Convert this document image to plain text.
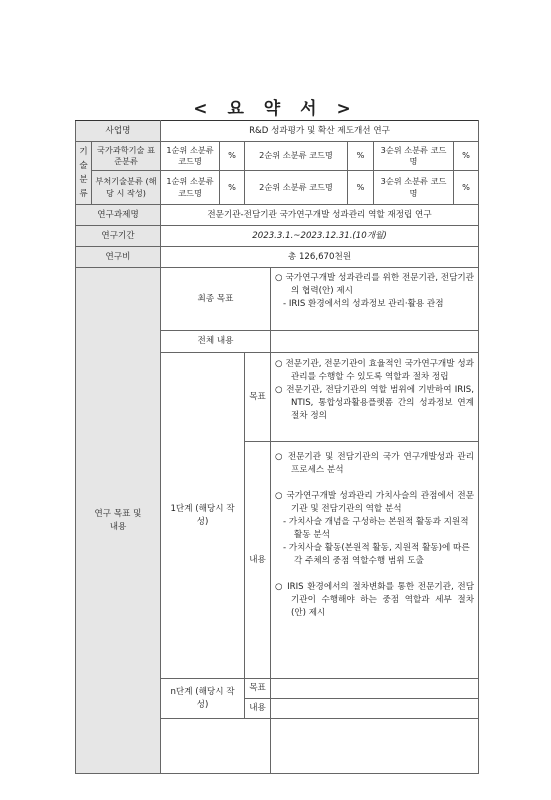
< 요 약 서 >
사업명		R&D 성과평가 및 확산 제도개선 연구						
기술분류	국가과학기술 표준분류	1순위 소분류 코드명	%	2순위 소분류 코드명		%	3순위 소분류 코드명	%
	부처기술분류 (해당 시 작성)	1순위 소분류 코드명	%	2순위 소분류 코드명		%	3순위 소분류 코드명	%
연구과제명		전문기관-전담기관 국가연구개발 성과관리 역할 재정립 연구						
연구기간		2023.3.1.~2023.12.31.(10개월)						
연구비		총 126,670천원						
연구 목표 및 내용		최종 목표			○ 국가연구개발 성과관리를 위한 전문기관, 전담기관의 협력(안) 제시

- IRIS 환경에서의 성과정보 관리·활용 관점			

		전체 내용						
		1단계 (해당시 작성)		목표	○ 전문기관, 전문기관이 효율적인 국가연구개발 성과관리를 수행할 수 있도록 역할과 절차 정립

○ 전문기관, 전담기관의 역할 범위에 기반하여 IRIS, NTIS, 통합성과활용플랫폼 간의 성과정보 연계 절차 정의			

				내용	○ 전문기관 및 전담기관의 국가 연구개발성과 관리 프로세스 분석

○ 국가연구개발 성과관리 가치사슬의 관점에서 전문기관 및 전담기관의 역할 분석

- 가치사슬 개념을 구성하는 본원적 활동과 지원적 활동 분석

- 가치사슬 활동(본원적 활동, 지원적 활동)에 따른 각 주체의 중점 역할수행 범위 도출

○ IRIS 환경에서의 절차변화를 통한 전문기관, 전담기관이 수행해야 하는 중점 역할과 세부 절차 (안) 제시			

		n단계 (해당시 작성)		목표				
				내용				
